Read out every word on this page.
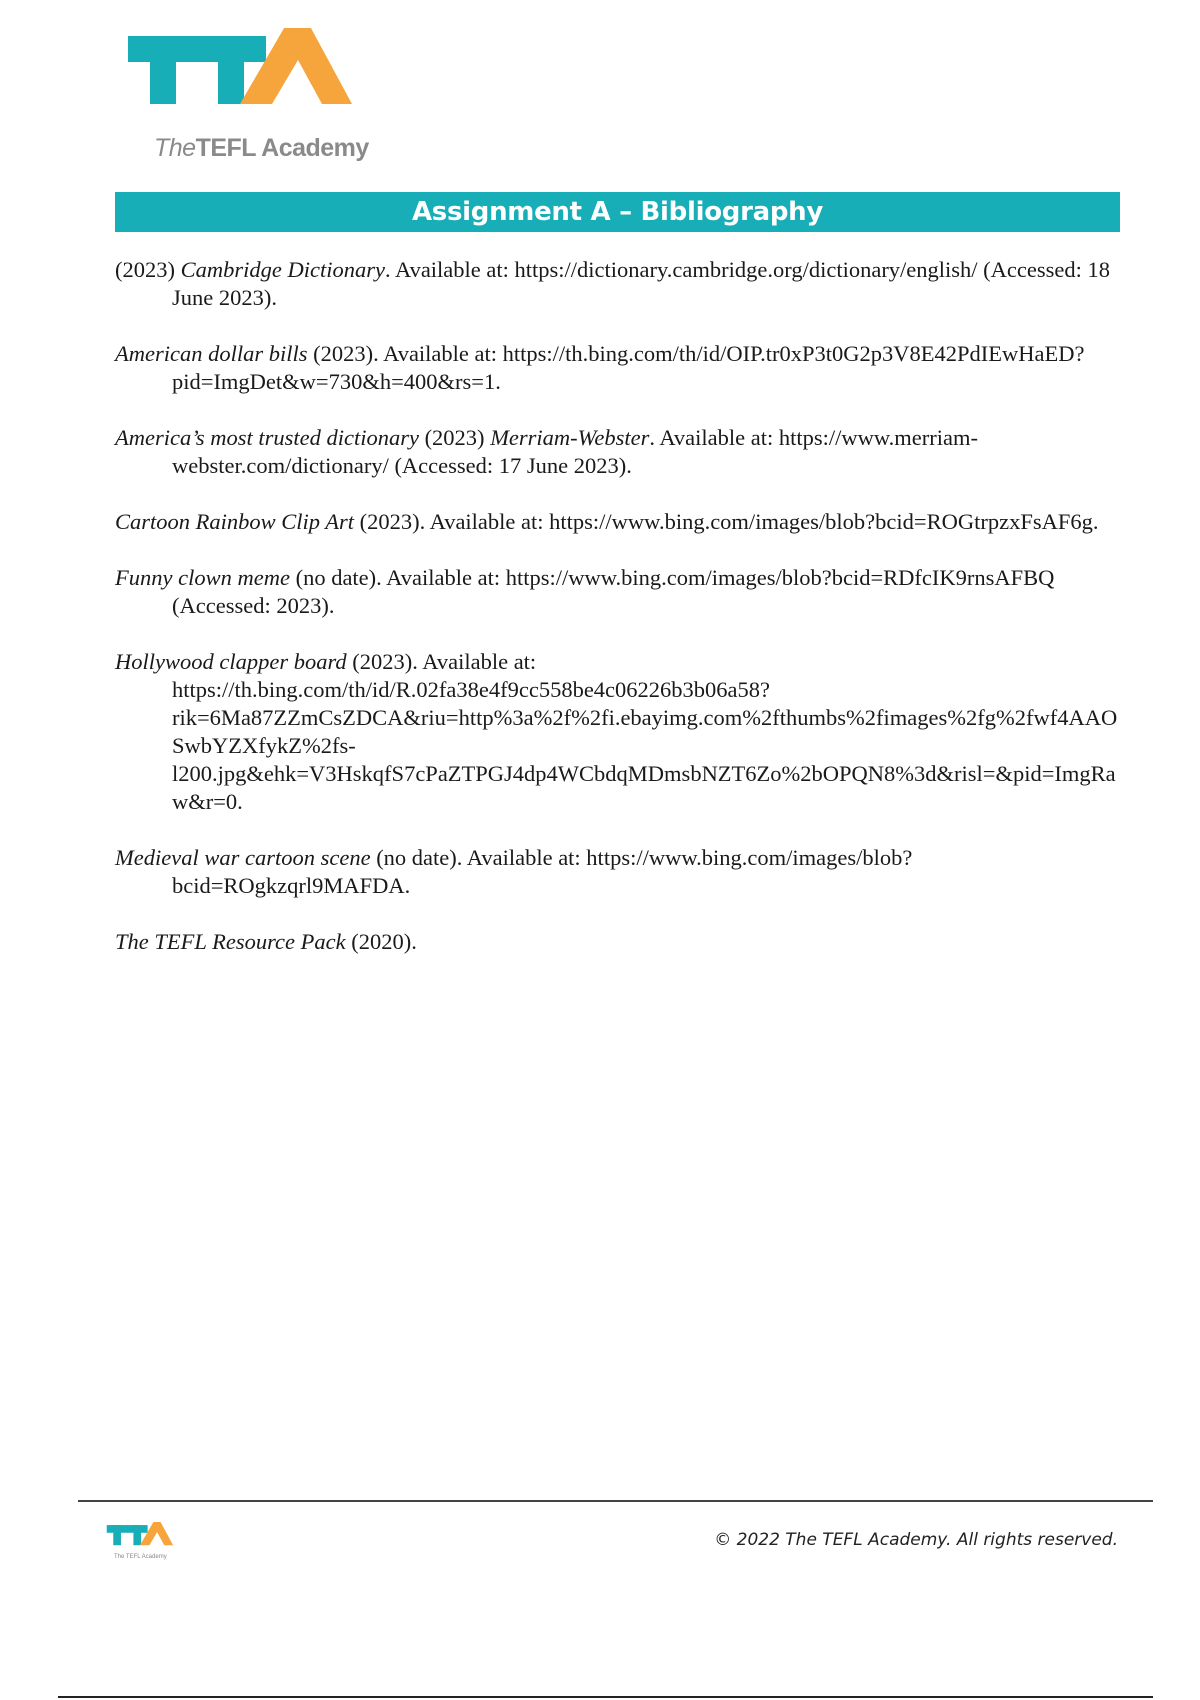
TheTEFL Academy
Assignment A – Bibliography

(2023) Cambridge Dictionary. Available at: https://dictionary.cambridge.org/dictionary/english/ (Accessed: 18 June 2023).

American dollar bills (2023). Available at: https://th.bing.com/th/id/OIP.tr0xP3t0G2p3V8E42PdIEwHaED?pid=ImgDet&w=730&h=400&rs=1.

America’s most trusted dictionary (2023) Merriam-Webster. Available at: https://www.merriam-webster.com/dictionary/ (Accessed: 17 June 2023).

Cartoon Rainbow Clip Art (2023). Available at: https://www.bing.com/images/blob?bcid=ROGtrpzxFsAF6g.

Funny clown meme (no date). Available at: https://www.bing.com/images/blob?bcid=RDfcIK9rnsAFBQ (Accessed: 2023).

Hollywood clapper board (2023). Available at: https://th.bing.com/th/id/R.02fa38e4f9cc558be4c06226b3b06a58?rik=6Ma87ZZmCsZDCA&riu=http%3a%2f%2fi.ebayimg.com%2fthumbs%2fimages%2fg%2fwf4AAOSwbYZXfykZ%2fs-l200.jpg&ehk=V3HskqfS7cPaZTPGJ4dp4WCbdqMDmsbNZT6Zo%2bOPQN8%3d&risl=&pid=ImgRaw&r=0.

Medieval war cartoon scene (no date). Available at: https://www.bing.com/images/blob?bcid=ROgkzqrl9MAFDA.

The TEFL Resource Pack (2020).

The TEFL Academy
© 2022 The TEFL Academy. All rights reserved.
